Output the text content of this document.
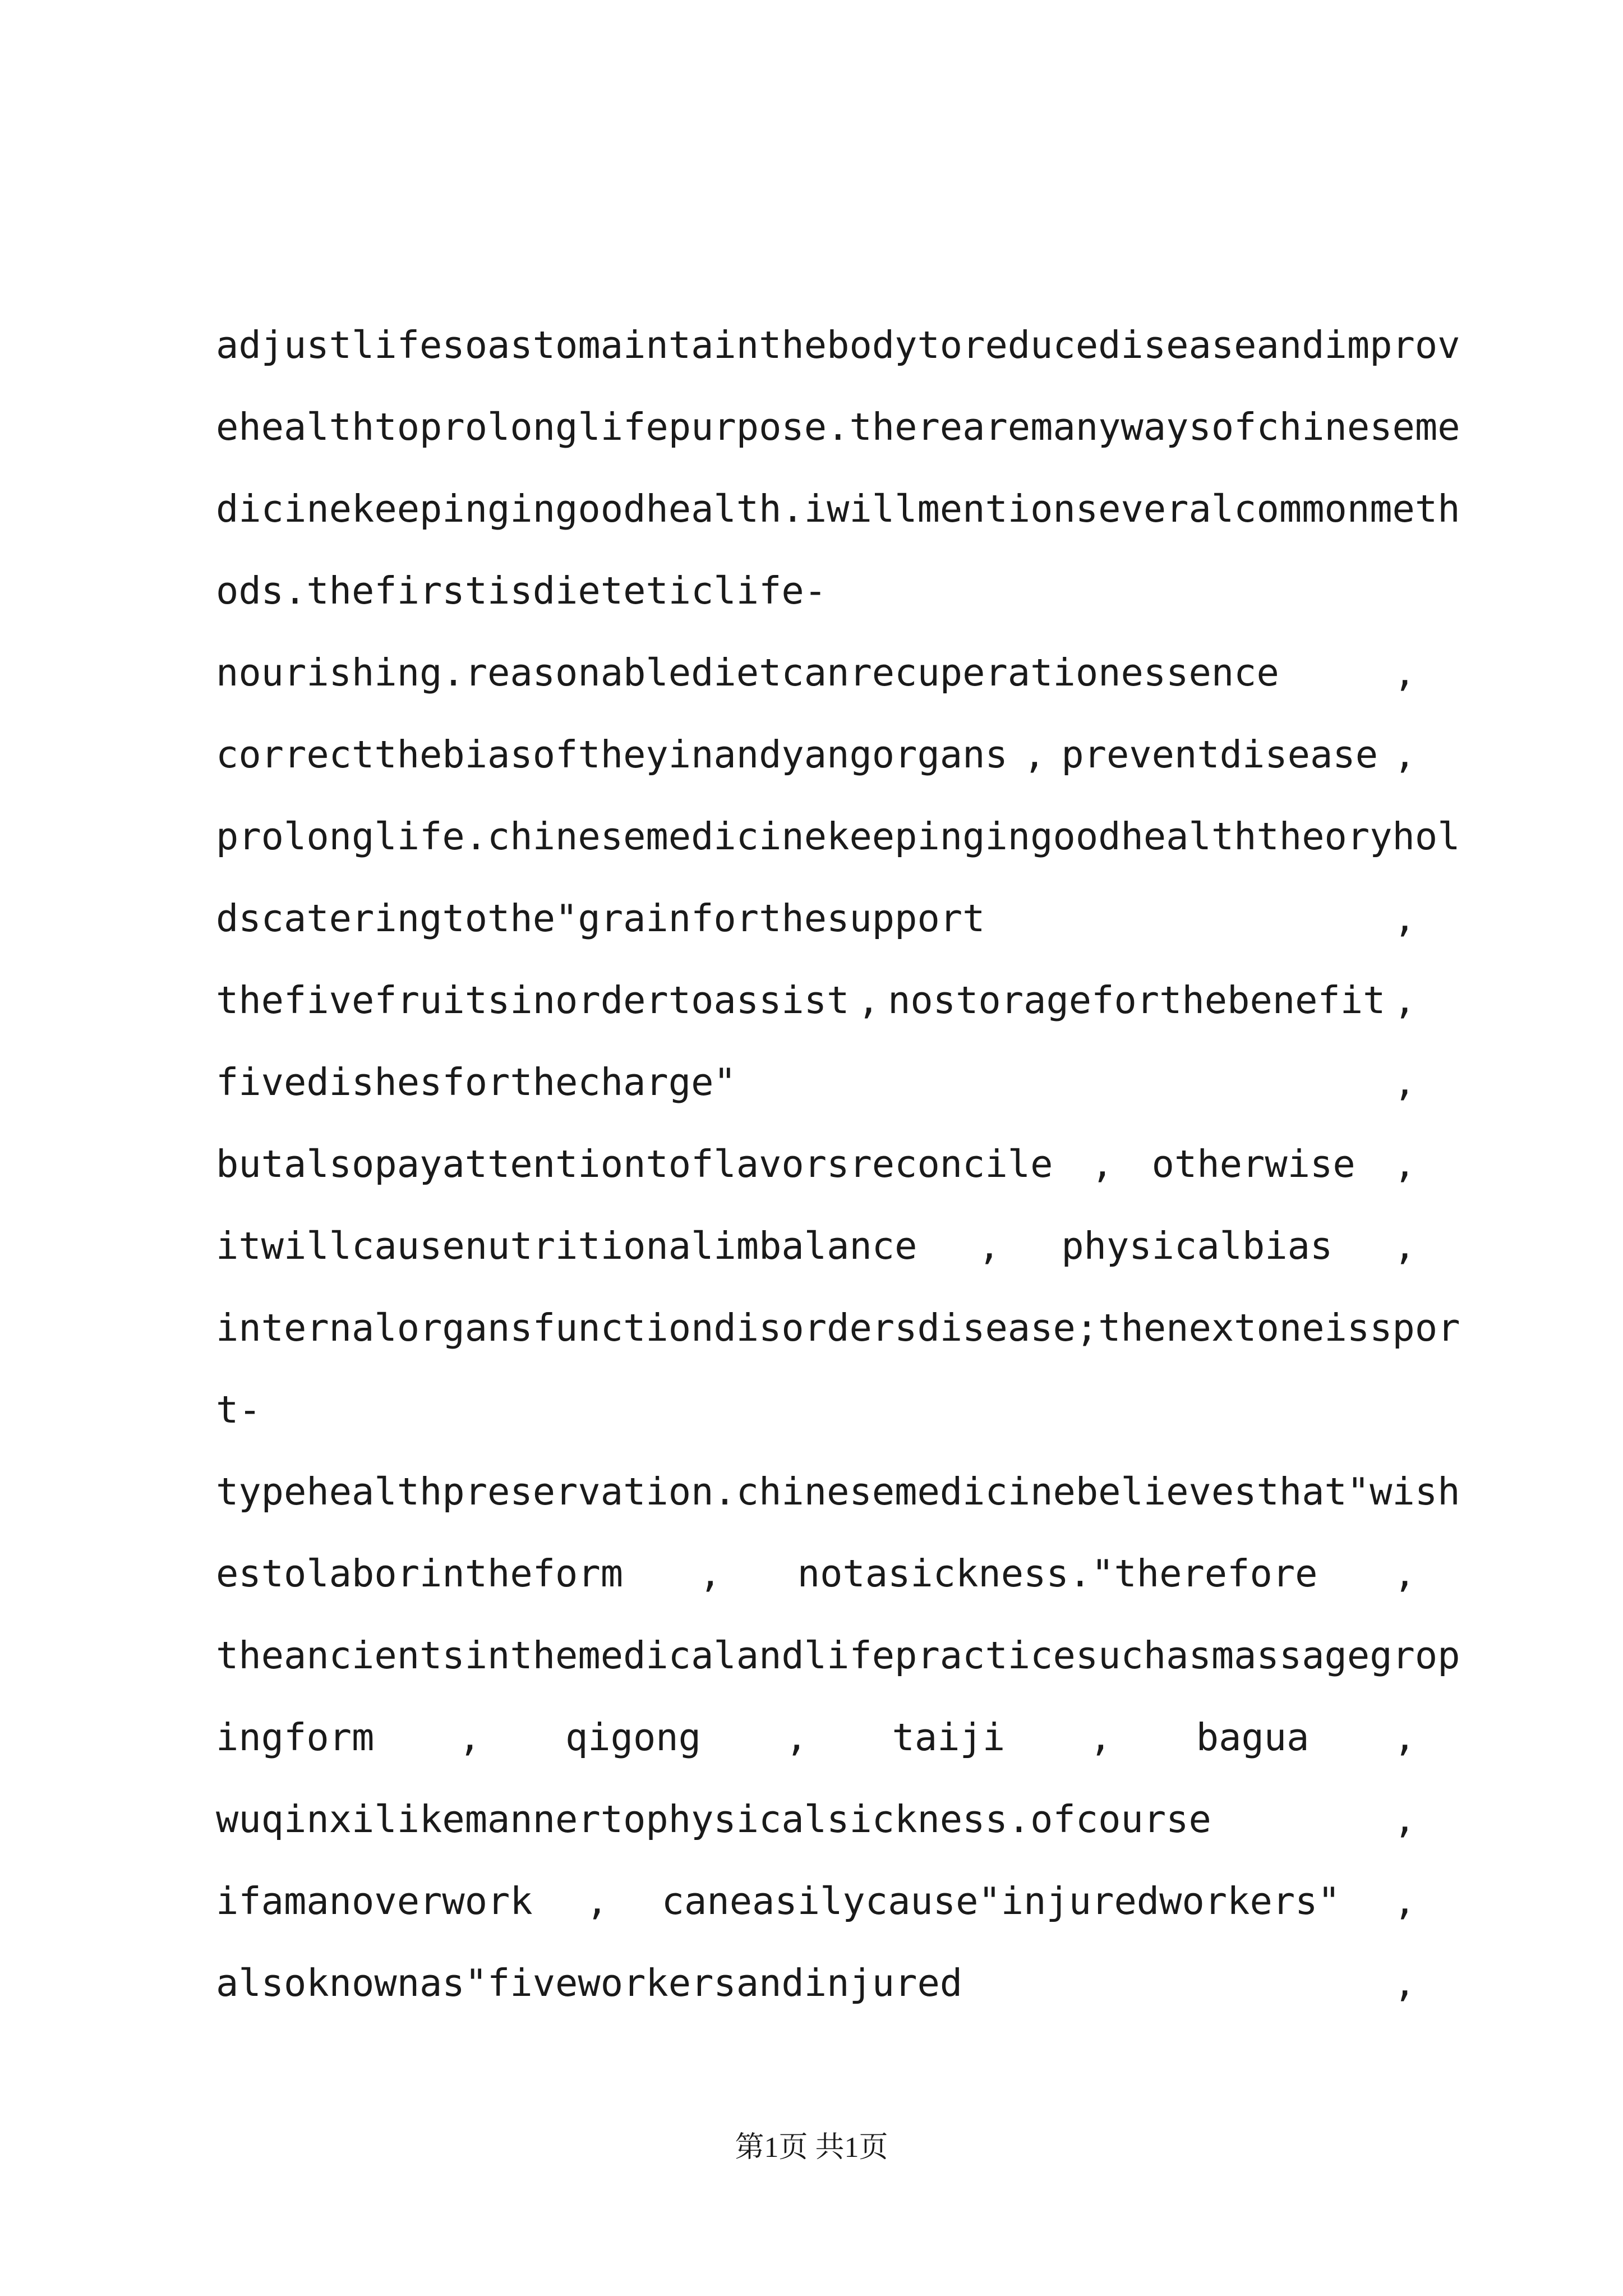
adjustlifesoastomaintainthebodytoreducediseaseandimprov
ehealthtoprolonglifepurpose.therearemanywaysofchineseme
dicinekeepingingoodhealth.iwillmentionseveralcommonmeth
ods.thefirstisdieteticlife-
nourishing.reasonabledietcanrecuperationessence	,
correctthebiasoftheyinandyangorgans , preventdisease ,
prolonglife.chinesemedicinekeepingingoodhealththeoryhol
dscateringtothe"grainforthesupport	,
thefivefruitsinordertoassist , nostorageforthebenefit ,
fivedishesforthecharge"	,
butalsopayattentiontoflavorsreconcile , otherwise ,
itwillcausenutritionalimbalance , physicalbias ,
internalorgansfunctiondisordersdisease;thenextoneisspor
t-
typehealthpreservation.chinesemedicinebelievesthat"wish
estolaborintheform , notasickness."therefore ,
theancientsinthemedicalandlifepracticesuchasmassagegrop
ingform , qigong , taiji , bagua ,
wuqinxilikemannertophysicalsickness.ofcourse	,
ifamanoverwork , caneasilycause"injuredworkers" ,
alsoknownas"fiveworkersandinjured	,
第1页 共1页
